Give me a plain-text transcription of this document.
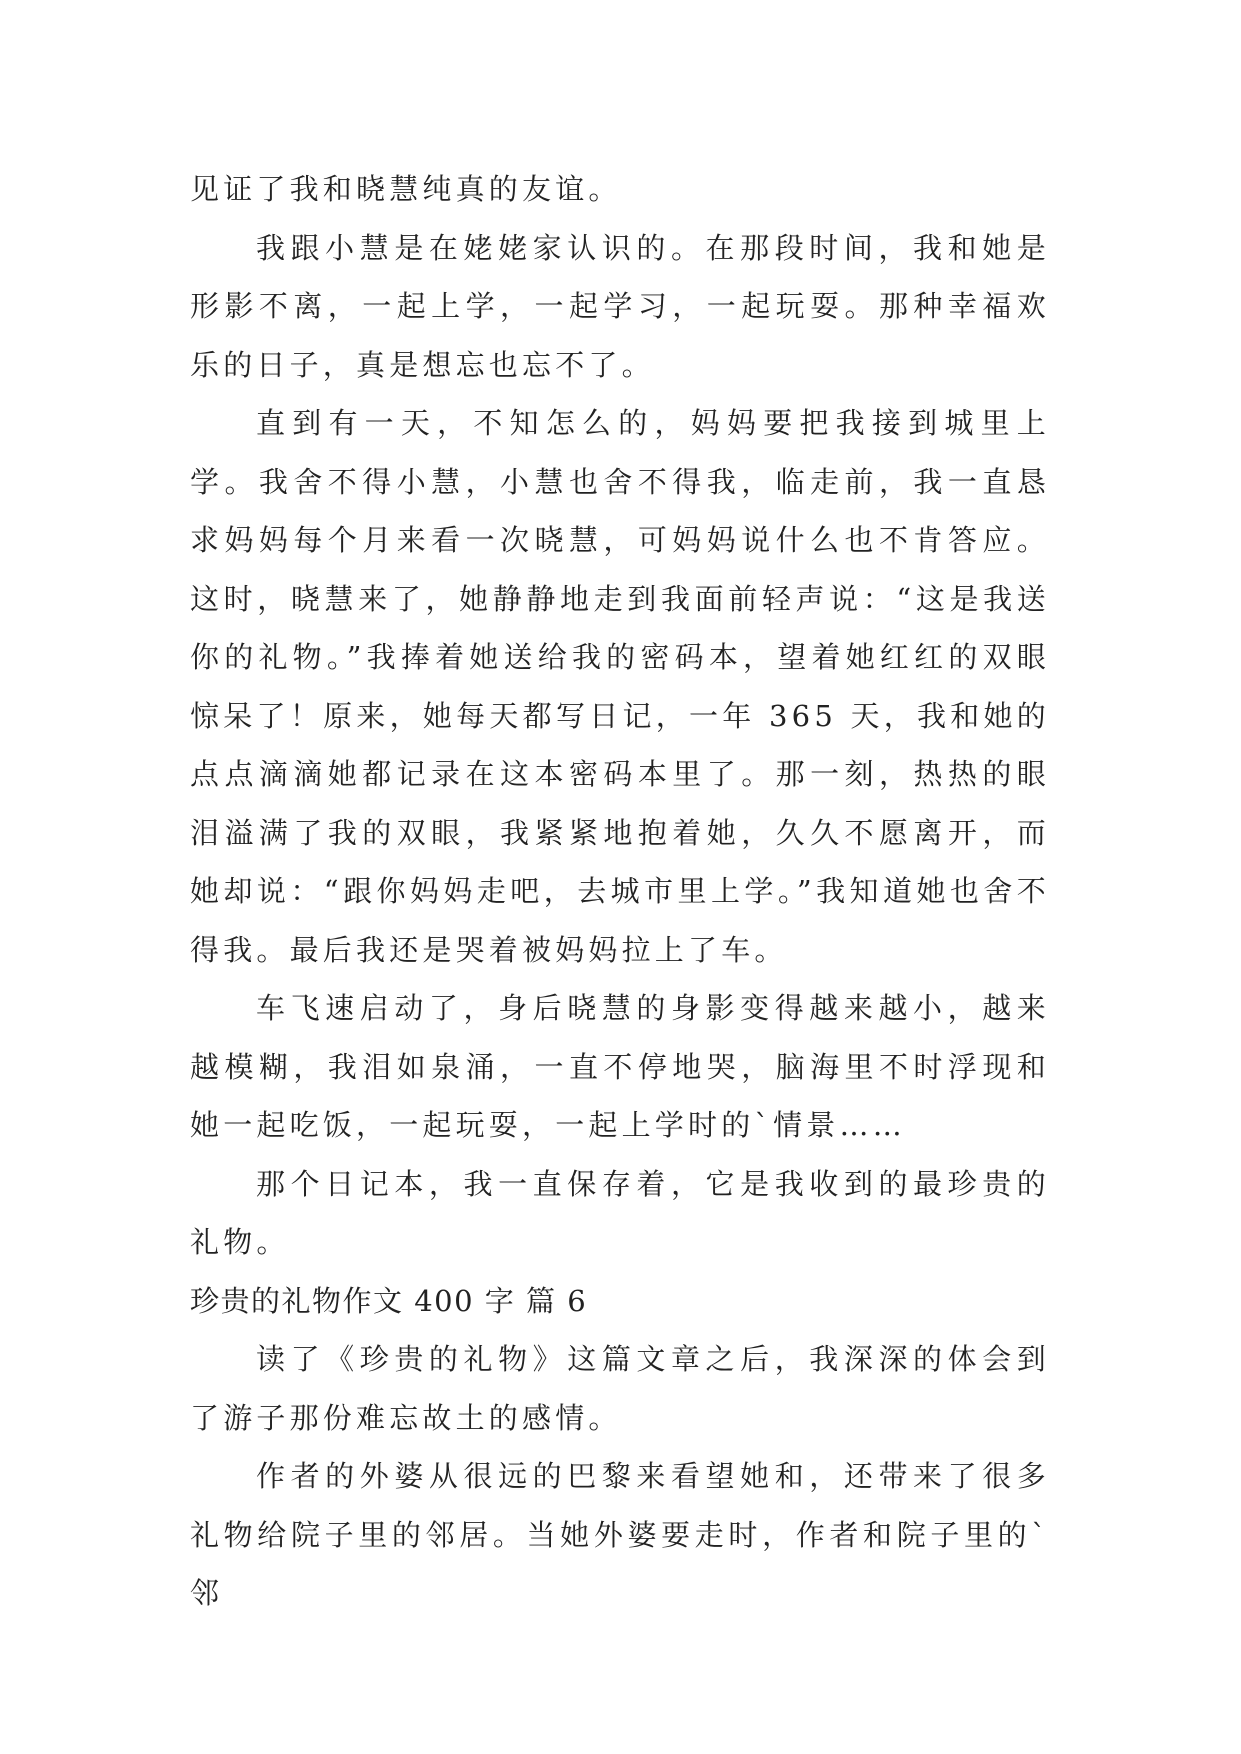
见证了我和晓慧纯真的友谊。

我跟小慧是在姥姥家认识的。在那段时间，我和她是形影不离，一起上学，一起学习，一起玩耍。那种幸福欢乐的日子，真是想忘也忘不了。

直到有一天，不知怎么的，妈妈要把我接到城里上学。我舍不得小慧，小慧也舍不得我，临走前，我一直恳求妈妈每个月来看一次晓慧，可妈妈说什么也不肯答应。这时，晓慧来了，她静静地走到我面前轻声说：“这是我送你的礼物。”我捧着她送给我的密码本，望着她红红的双眼惊呆了！原来，她每天都写日记，一年 365 天，我和她的点点滴滴她都记录在这本密码本里了。那一刻，热热的眼泪溢满了我的双眼，我紧紧地抱着她，久久不愿离开，而她却说：“跟你妈妈走吧，去城市里上学。”我知道她也舍不得我。最后我还是哭着被妈妈拉上了车。

车飞速启动了，身后晓慧的身影变得越来越小，越来越模糊，我泪如泉涌，一直不停地哭，脑海里不时浮现和她一起吃饭，一起玩耍，一起上学时的`情景……

那个日记本，我一直保存着，它是我收到的最珍贵的礼物。

珍贵的礼物作文 400 字 篇 6

读了《珍贵的礼物》这篇文章之后，我深深的体会到了游子那份难忘故土的感情。

作者的外婆从很远的巴黎来看望她和，还带来了很多礼物给院子里的邻居。当她外婆要走时，作者和院子里的`邻
